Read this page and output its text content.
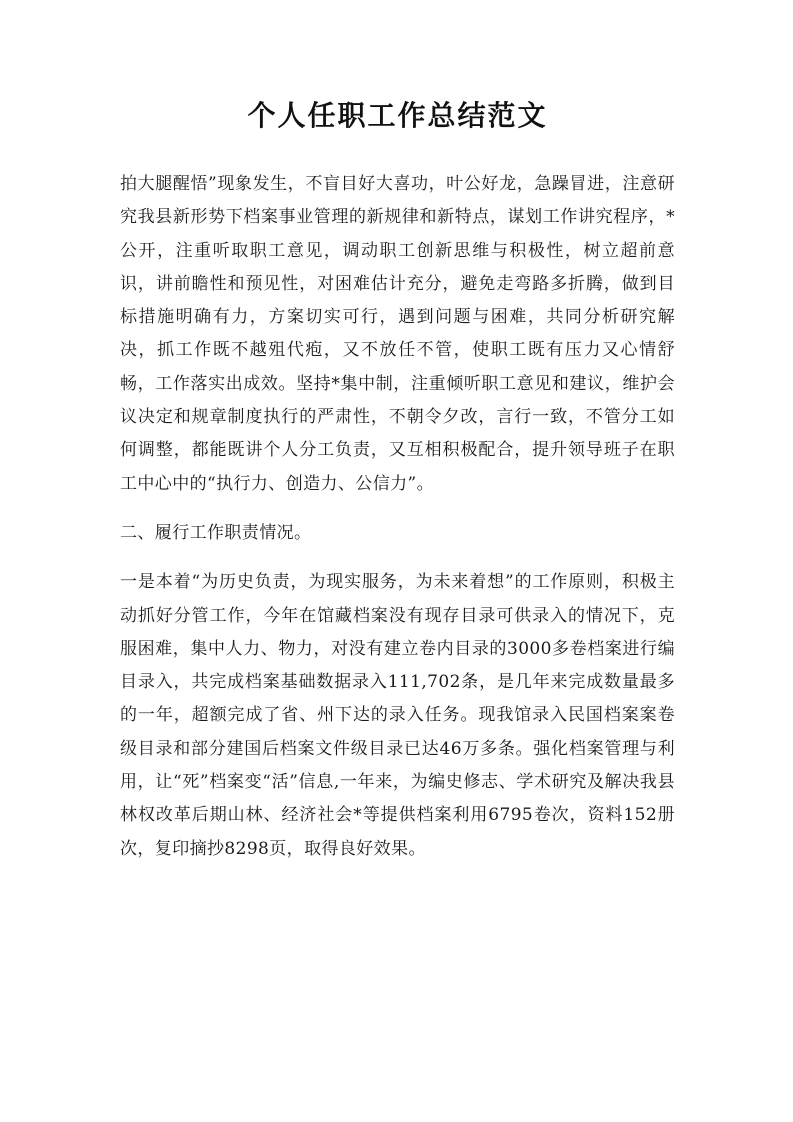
个人任职工作总结范文

拍大腿醒悟”现象发生，不盲目好大喜功，叶公好龙，急躁冒进，注意研究我县新形势下档案事业管理的新规律和新特点，谋划工作讲究程序，*公开，注重听取职工意见，调动职工创新思维与积极性，树立超前意识，讲前瞻性和预见性，对困难估计充分，避免走弯路多折腾，做到目标措施明确有力，方案切实可行，遇到问题与困难，共同分析研究解决，抓工作既不越殂代疱，又不放任不管，使职工既有压力又心情舒畅，工作落实出成效。坚持*集中制，注重倾听职工意见和建议，维护会议决定和规章制度执行的严肃性，不朝令夕改，言行一致，不管分工如何调整，都能既讲个人分工负责，又互相积极配合，提升领导班子在职工中心中的“执行力、创造力、公信力”。

二、履行工作职责情况。

一是本着“为历史负责，为现实服务，为未来着想”的工作原则，积极主动抓好分管工作，今年在馆藏档案没有现存目录可供录入的情况下，克服困难，集中人力、物力，对没有建立卷内目录的3000多卷档案进行编目录入，共完成档案基础数据录入111,702条，是几年来完成数量最多的一年，超额完成了省、州下达的录入任务。现我馆录入民国档案案卷级目录和部分建国后档案文件级目录已达46万多条。强化档案管理与利用，让“死”档案变“活”信息,一年来，为编史修志、学术研究及解决我县林权改革后期山林、经济社会*等提供档案利用6795卷次，资料152册次，复印摘抄8298页，取得良好效果。
